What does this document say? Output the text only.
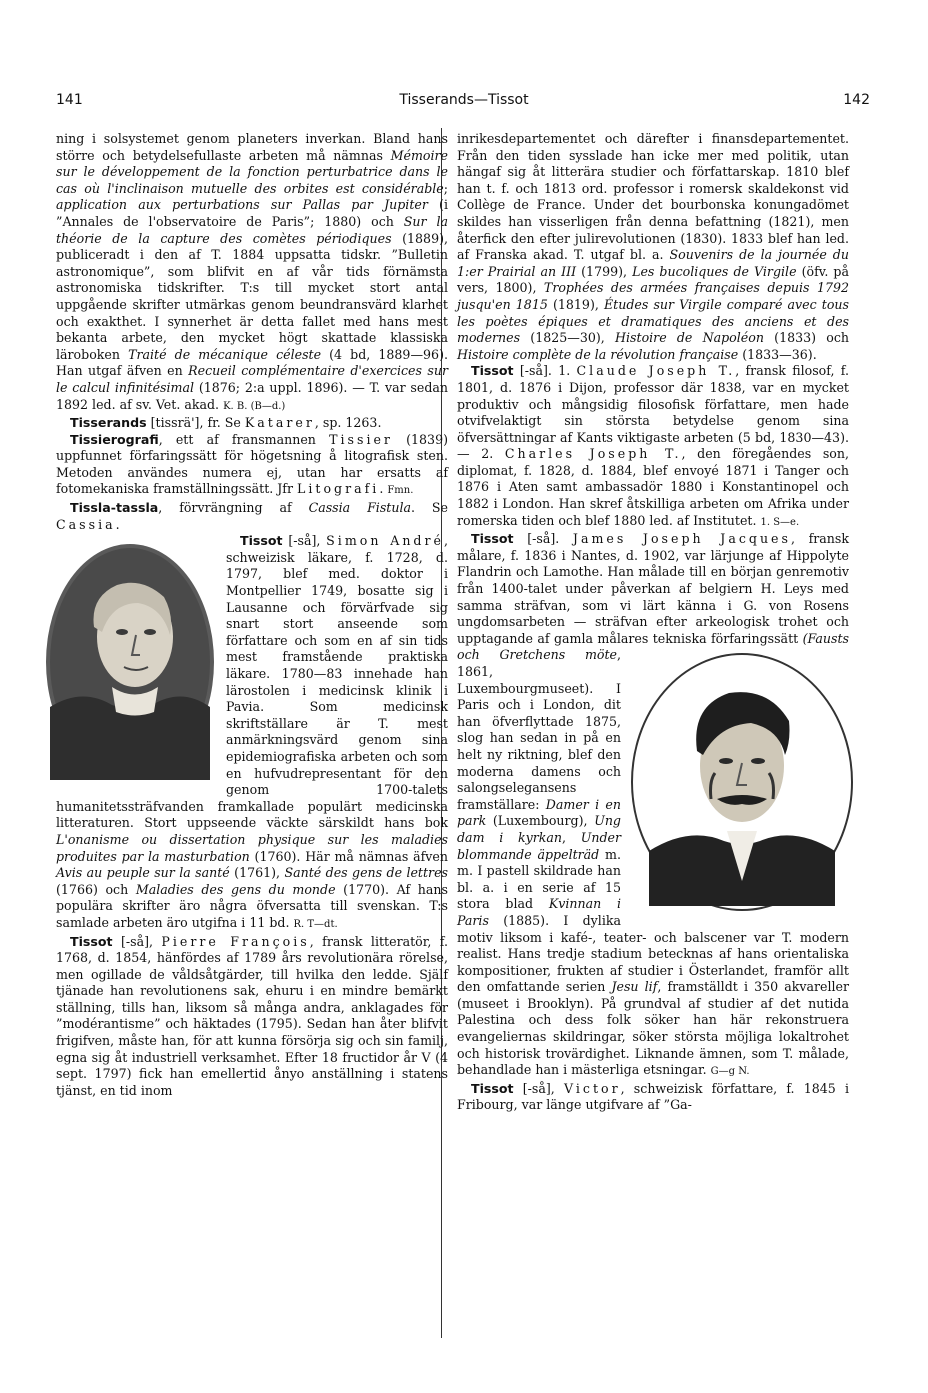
141	Tisserands—Tissot	142

ning i solsystemet genom planeters inverkan. Bland hans större och betydelsefullaste arbeten må nämnas Mémoire sur le développement de la fonction perturbatrice dans le cas où l'inclinaison mutuelle des orbites est considérable; application aux perturbations sur Pallas par Jupiter (i ”Annales de l'observatoire de Paris”; 1880) och Sur la théorie de la capture des comètes périodiques (1889), publiceradt i den af T. 1884 uppsatta tidskr. ”Bulletin astronomique”, som blifvit en af vår tids förnämsta astronomiska tidskrifter. T:s till mycket stort antal uppgående skrifter utmärkas genom beundransvärd klarhet och exakthet. I synnerhet är detta fallet med hans mest bekanta arbete, den mycket högt skattade klassiska läroboken Traité de mécanique céleste (4 bd, 1889—96). Han utgaf äfven en Recueil complémentaire d'exercices sur le calcul infinitésimal (1876; 2:a uppl. 1896). — T. var sedan 1892 led. af sv. Vet. akad. K. B. (B—d.)

Tisserands [tissrä'], fr. Se Katarer, sp. 1263.

Tissierografi, ett af fransmannen Tissier (1839) uppfunnet förfaringssätt för högetsning å litografisk sten. Metoden användes numera ej, utan har ersatts af fotomekaniska framställningssätt. Jfr Litografi. Fmn.

Tissla-tassla, förvrängning af Cassia Fistula. Se Cassia.

Tissot [-så], Simon André
, schweizisk läkare, f. 1728, d. 1797, blef med. doktor i Montpellier 1749, bosatte sig i Lausanne och förvärfvade sig snart stort anseende som författare och som en af sin tids mest framstående praktiska läkare. 1780—83 innehade han lärostolen i medicinsk klinik i Pavia. Som medicinsk skriftställare är T. mest anmärkningsvärd genom sina epidemiografiska arbeten och som en hufvudrepresentant för den genom 1700-talets humanitetssträfvanden framkallade populärt medicinska litteraturen. Stort uppseende väckte särskildt hans bok L'onanisme ou dissertation physique sur les maladies produites par la masturbation (1760). Här må nämnas äfven Avis au peuple sur la santé (1761), Santé des gens de lettres (1766) och Maladies des gens du monde (1770). Af hans populära skrifter äro några öfversatta till svenskan. T:s samlade arbeten äro utgifna i 11 bd. R. T—dt.

Tissot [-så], Pierre François, fransk litteratör, f. 1768, d. 1854, hänfördes af 1789 års revolutionära rörelse, men ogillade de våldsåtgärder, till hvilka den ledde. Själf tjänade han revolutionens sak, ehuru i en mindre bemärkt ställning, tills han, liksom så många andra, anklagades för ”modérantisme” och häktades (1795). Sedan han åter blifvit frigifven, måste han, för att kunna försörja sig och sin familj, egna sig åt industriell verksamhet. Efter 18 fructidor år V (4 sept. 1797) fick han emellertid ånyo anställning i statens tjänst, en tid inom

inrikesdepartementet och därefter i finansdepartementet. Från den tiden sysslade han icke mer med politik, utan hängaf sig åt litterära studier och författarskap. 1810 blef han t. f. och 1813 ord. professor i romersk skaldekonst vid Collège de France. Under det bourbonska konungadömet skildes han visserligen från denna befattning (1821), men återfick den efter julirevolutionen (1830). 1833 blef han led. af Franska akad. T. utgaf bl. a. Souvenirs de la journée du 1:er Prairial an III (1799), Les bucoliques de Virgile (öfv. på vers, 1800), Trophées des armées françaises depuis 1792 jusqu'en 1815 (1819), Études sur Virgile comparé avec tous les poètes épiques et dramatiques des anciens et des modernes (1825—30), Histoire de Napoléon (1833) och Histoire complète de la révolution française (1833—36).

Tissot [-så]. 1. Claude Joseph T., fransk filosof, f. 1801, d. 1876 i Dijon, professor där 1838, var en mycket produktiv och mångsidig filosofisk författare, men hade otvifvelaktigt sin största betydelse genom sina öfversättningar af Kants viktigaste arbeten (5 bd, 1830—43). — 2. Charles Joseph T., den föregåendes son, diplomat, f. 1828, d. 1884, blef envoyé 1871 i Tanger och 1876 i Aten samt ambassadör 1880 i Konstantinopel och 1882 i London. Han skref åtskilliga arbeten om Afrika under romerska tiden och blef 1880 led. af Institutet. 1. S—e.

Tissot [-så]. James Joseph Jacques, fransk målare, f. 1836 i Nantes, d. 1902, var lärjunge af Hippolyte Flandrin och Lamothe. Han målade till en början genremotiv från 1400-talet under påverkan af belgiern H. Leys med samma sträfvan, som vi lärt känna i G. von Rosens ungdomsarbeten — sträfvan efter arkeologisk trohet och upptagande af gamla målares tekniska förfaringssätt
(Fausts och Gretchens möte, 1861, Luxembourgmuseet). I Paris och i London, dit han öfverflyttade 1875, slog han sedan in på en helt ny riktning, blef den moderna damens och salongselegansens framställare: Damer i en park (Luxembourg), Ung dam i kyrkan, Under blommande äppelträd m. m. I pastell skildrade han bl. a. i en serie af 15 stora blad Kvinnan i Paris (1885). I dylika motiv liksom i kafé-, teater- och balscener var T. modern realist. Hans tredje stadium betecknas af hans orientaliska kompositioner, frukten af studier i Österlandet, framför allt den omfattande serien Jesu lif, framställdt i 350 akvareller (museet i Brooklyn). På grundval af studier af det nutida Palestina och dess folk söker han här rekonstruera evangeliernas skildringar, söker största möjliga lokaltrohet och historisk trovärdighet. Liknande ämnen, som T. målade, behandlade han i mästerliga etsningar. G—g N.

Tissot [-så], Victor, schweizisk författare, f. 1845 i Fribourg, var länge utgifvare af ”Ga-
